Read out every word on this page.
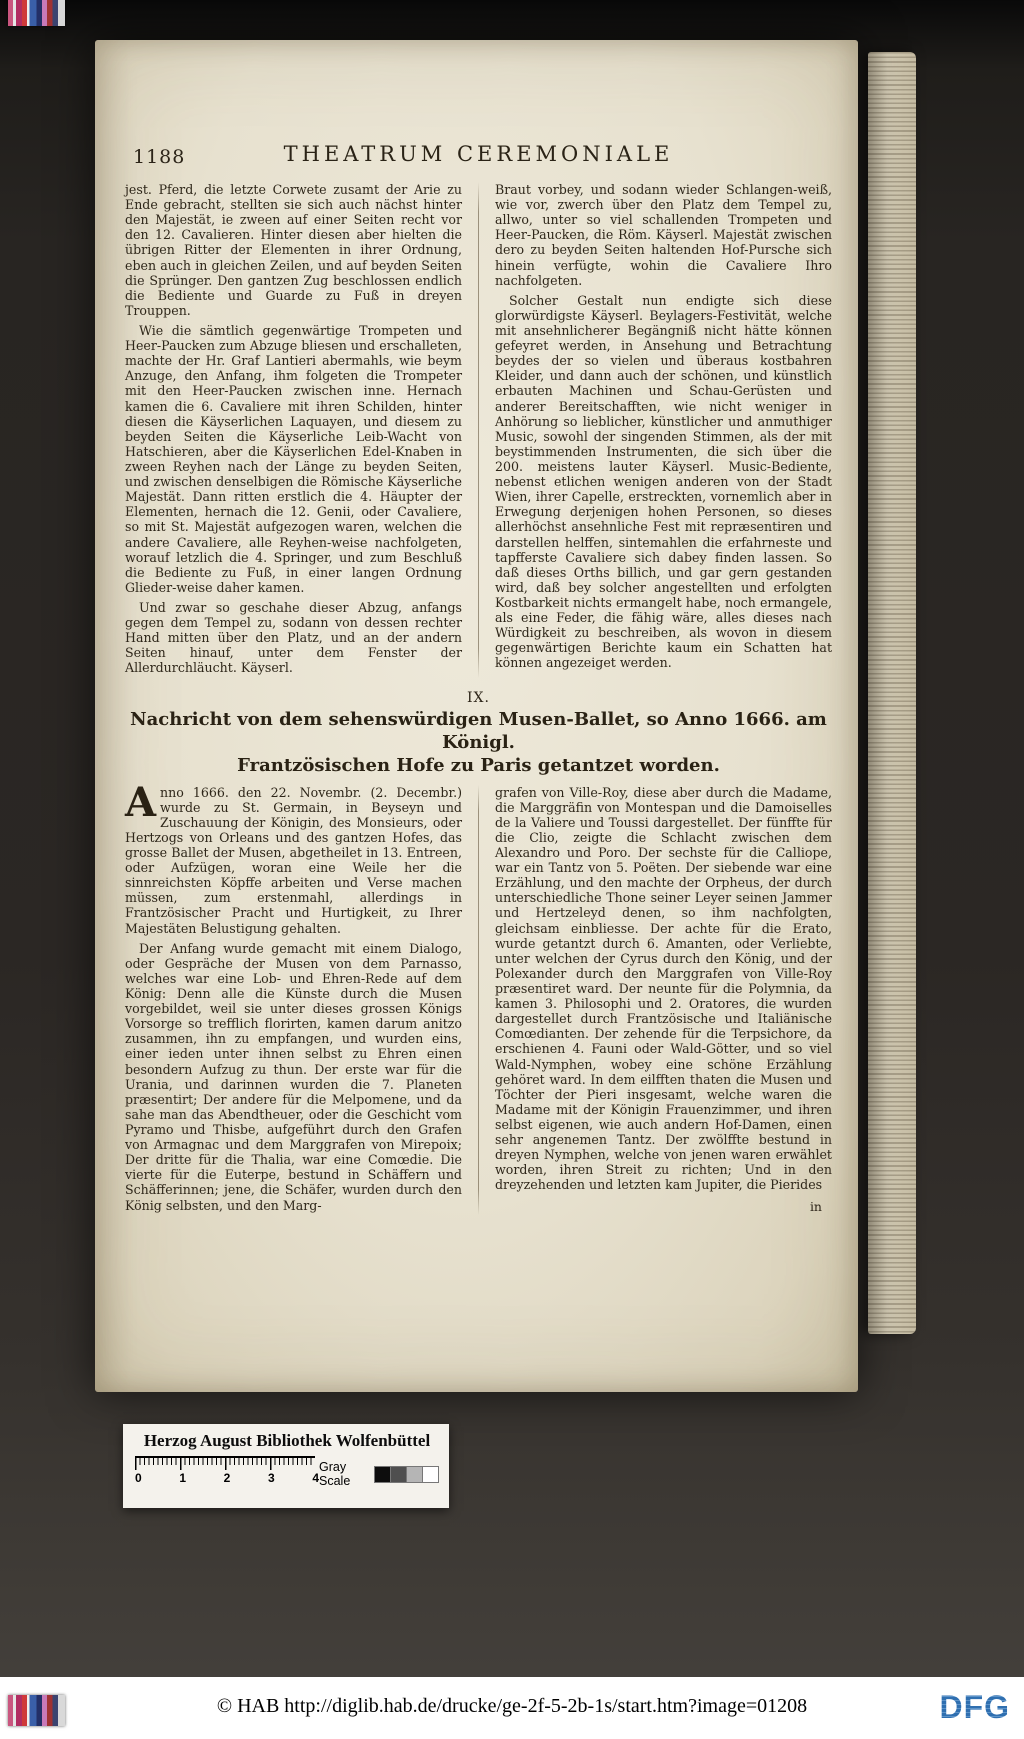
1188	THEATRUM CEREMONIALE

jest. Pferd, die letzte Corwete zusamt der Arie zu Ende gebracht, stellten sie sich auch nächst hinter den Majestät, ie zween auf einer Seiten recht vor den 12. Cavalieren. Hinter diesen aber hielten die übrigen Ritter der Elementen in ihrer Ordnung, eben auch in gleichen Zeilen, und auf beyden Seiten die Sprünger. Den gantzen Zug beschlossen endlich die Bediente und Guarde zu Fuß in dreyen Trouppen.

Wie die sämtlich gegenwärtige Trompeten und Heer-Paucken zum Abzuge bliesen und erschalleten, machte der Hr. Graf Lantieri abermahls, wie beym Anzuge, den Anfang, ihm folgeten die Trompeter mit den Heer-Paucken zwischen inne. Hernach kamen die 6. Cavaliere mit ihren Schilden, hinter diesen die Käyserlichen Laquayen, und diesem zu beyden Seiten die Käyserliche Leib-Wacht von Hatschieren, aber die Käyserlichen Edel-Knaben in zween Reyhen nach der Länge zu beyden Seiten, und zwischen denselbigen die Römische Käyserliche Majestät. Dann ritten erstlich die 4. Häupter der Elementen, hernach die 12. Genii, oder Cavaliere, so mit St. Majestät aufgezogen waren, welchen die andere Cavaliere, alle Reyhen-weise nachfolgeten, worauf letzlich die 4. Springer, und zum Beschluß die Bediente zu Fuß, in einer langen Ordnung Glieder-weise daher kamen.

Und zwar so geschahe dieser Abzug, anfangs gegen dem Tempel zu, sodann von dessen rechter Hand mitten über den Platz, und an der andern Seiten hinauf, unter dem Fenster der Allerdurchläucht. Käyserl.

Braut vorbey, und sodann wieder Schlangen-weiß, wie vor, zwerch über den Platz dem Tempel zu, allwo, unter so viel schallenden Trompeten und Heer-Paucken, die Röm. Käyserl. Majestät zwischen dero zu beyden Seiten haltenden Hof-Pursche sich hinein verfügte, wohin die Cavaliere Ihro nachfolgeten.

Solcher Gestalt nun endigte sich diese glorwürdigste Käyserl. Beylagers-Festivität, welche mit ansehnlicherer Begängniß nicht hätte können gefeyret werden, in Ansehung und Betrachtung beydes der so vielen und überaus kostbahren Kleider, und dann auch der schönen, und künstlich erbauten Machinen und Schau-Gerüsten und anderer Bereitschafften, wie nicht weniger in Anhörung so lieblicher, künstlicher und anmuthiger Music, sowohl der singenden Stimmen, als der mit beystimmenden Instrumenten, die sich über die 200. meistens lauter Käyserl. Music-Bediente, nebenst etlichen wenigen anderen von der Stadt Wien, ihrer Capelle, erstreckten, vornemlich aber in Erwegung derjenigen hohen Personen, so dieses allerhöchst ansehnliche Fest mit repræsentiren und darstellen helffen, sintemahlen die erfahrneste und tapfferste Cavaliere sich dabey finden lassen. So daß dieses Orths billich, und gar gern gestanden wird, daß bey solcher angestellten und erfolgten Kostbarkeit nichts ermangelt habe, noch ermangele, als eine Feder, die fähig wäre, alles dieses nach Würdigkeit zu beschreiben, als wovon in diesem gegenwärtigen Berichte kaum ein Schatten hat können angezeiget werden.

IX.
Nachricht von dem sehenswürdigen Musen-Ballet, so Anno 1666. am Königl.
Frantzösischen Hofe zu Paris getantzet worden.

Anno 1666. den 22. Novembr. (2. Decembr.) wurde zu St. Germain, in Beyseyn und Zuschauung der Königin, des Monsieurs, oder Hertzogs von Orleans und des gantzen Hofes, das grosse Ballet der Musen, abgetheilet in 13. Entreen, oder Aufzügen, woran eine Weile her die sinnreichsten Köpffe arbeiten und Verse machen müssen, zum erstenmahl, allerdings in Frantzösischer Pracht und Hurtigkeit, zu Ihrer Majestäten Belustigung gehalten.

Der Anfang wurde gemacht mit einem Dialogo, oder Gespräche der Musen von dem Parnasso, welches war eine Lob- und Ehren-Rede auf dem König: Denn alle die Künste durch die Musen vorgebildet, weil sie unter dieses grossen Königs Vorsorge so trefflich florirten, kamen darum anitzo zusammen, ihn zu empfangen, und wurden eins, einer ieden unter ihnen selbst zu Ehren einen besondern Aufzug zu thun. Der erste war für die Urania, und darinnen wurden die 7. Planeten præsentirt; Der andere für die Melpomene, und da sahe man das Abendtheuer, oder die Geschicht vom Pyramo und Thisbe, aufgeführt durch den Grafen von Armagnac und dem Marggrafen von Mirepoix; Der dritte für die Thalia, war eine Comœdie. Die vierte für die Euterpe, bestund in Schäffern und Schäfferinnen; jene, die Schäfer, wurden durch den König selbsten, und den Marg-

grafen von Ville-Roy, diese aber durch die Madame, die Marggräfin von Montespan und die Damoiselles de la Valiere und Toussi dargestellet. Der fünffte für die Clio, zeigte die Schlacht zwischen dem Alexandro und Poro. Der sechste für die Calliope, war ein Tantz von 5. Poëten. Der siebende war eine Erzählung, und den machte der Orpheus, der durch unterschiedliche Thone seiner Leyer seinen Jammer und Hertzeleyd denen, so ihm nachfolgten, gleichsam einbliesse. Der achte für die Erato, wurde getantzt durch 6. Amanten, oder Verliebte, unter welchen der Cyrus durch den König, und der Polexander durch den Marggrafen von Ville-Roy præsentiret ward. Der neunte für die Polymnia, da kamen 3. Philosophi und 2. Oratores, die wurden dargestellet durch Frantzösische und Italiänische Comœdianten. Der zehende für die Terpsichore, da erschienen 4. Fauni oder Wald-Götter, und so viel Wald-Nymphen, wobey eine schöne Erzählung gehöret ward. In dem eilfften thaten die Musen und Töchter der Pieri insgesamt, welche waren die Madame mit der Königin Frauenzimmer, und ihren selbst eigenen, wie auch andern Hof-Damen, einen sehr angenemen Tantz. Der zwölffte bestund in dreyen Nymphen, welche von jenen waren erwählet worden, ihren Streit zu richten; Und in den dreyzehenden und letzten kam Jupiter, die Pierides

in
Herzog August Bibliothek Wolfenbüttel
0	1	2	3	4
Gray Scale
© HAB http://diglib.hab.de/drucke/ge-2f-5-2b-1s/start.htm?image=01208	DFG
